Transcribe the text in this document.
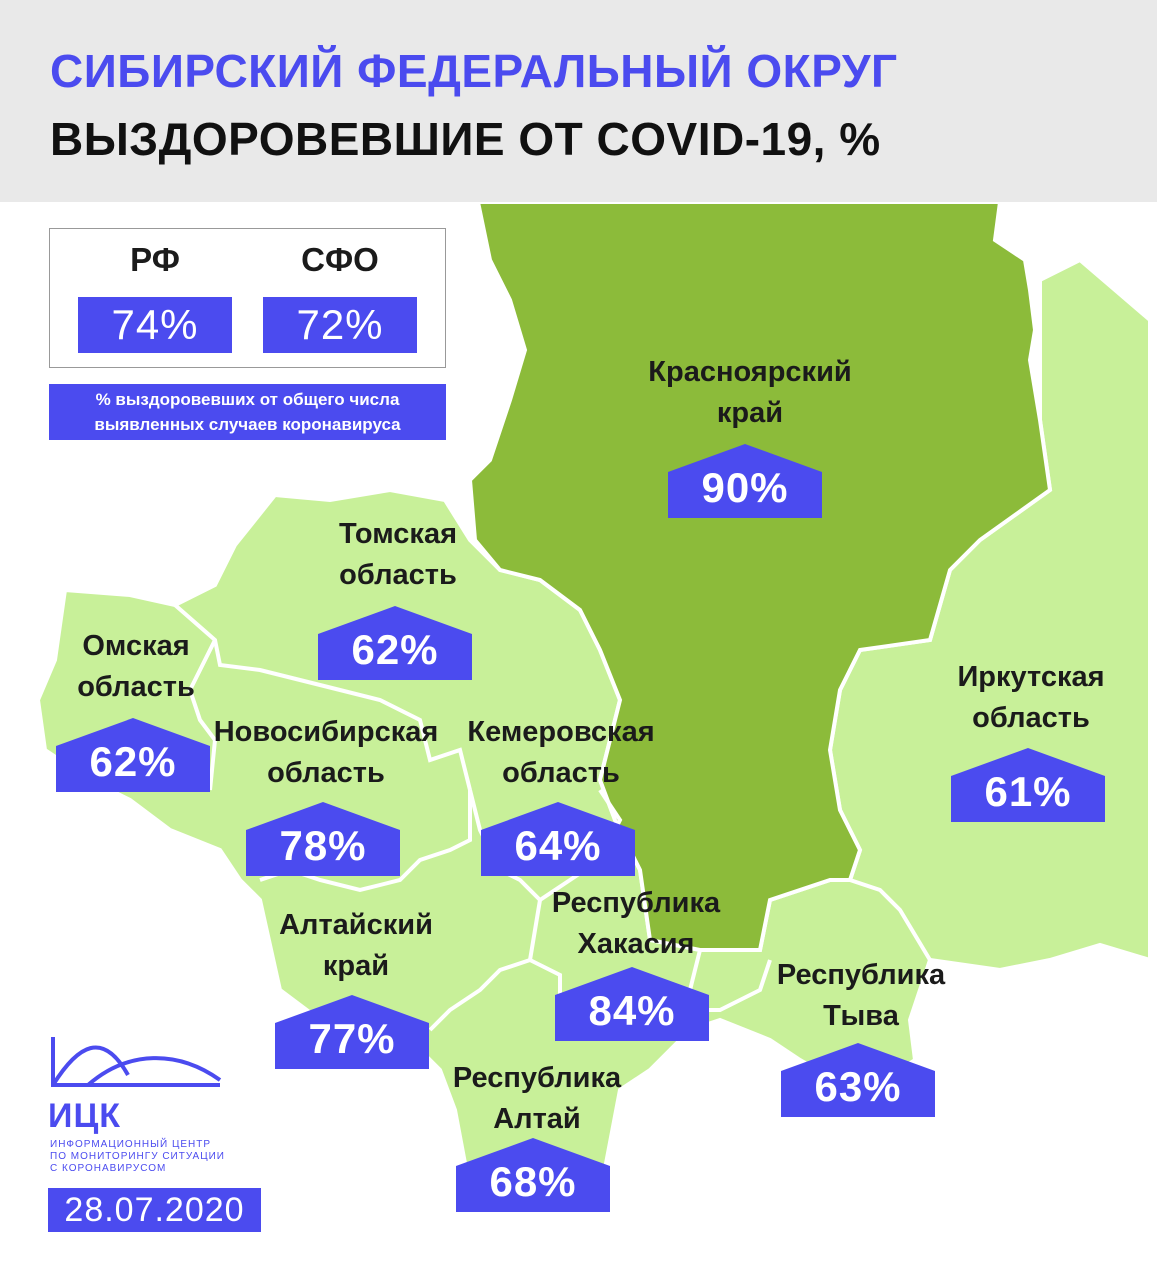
СИБИРСКИЙ ФЕДЕРАЛЬНЫЙ ОКРУГ
ВЫЗДОРОВЕВШИЕ ОТ COVID-19, %
РФ
74%
СФО
72%
% выздоровевших от общего числа
выявленных случаев коронавируса
Красноярский
край
90%
Томская
область
62%
Омская
область
62%
Новосибирская
область
78%
Кемеровская
область
64%
Иркутская
область
61%
Республика
Хакасия
84%
Алтайский
край
77%
Республика
Тыва
63%
Республика
Алтай
68%
ИЦК
ИНФОРМАЦИОННЫЙ ЦЕНТР
ПО МОНИТОРИНГУ СИТУАЦИИ
С КОРОНАВИРУСОМ
28.07.2020
